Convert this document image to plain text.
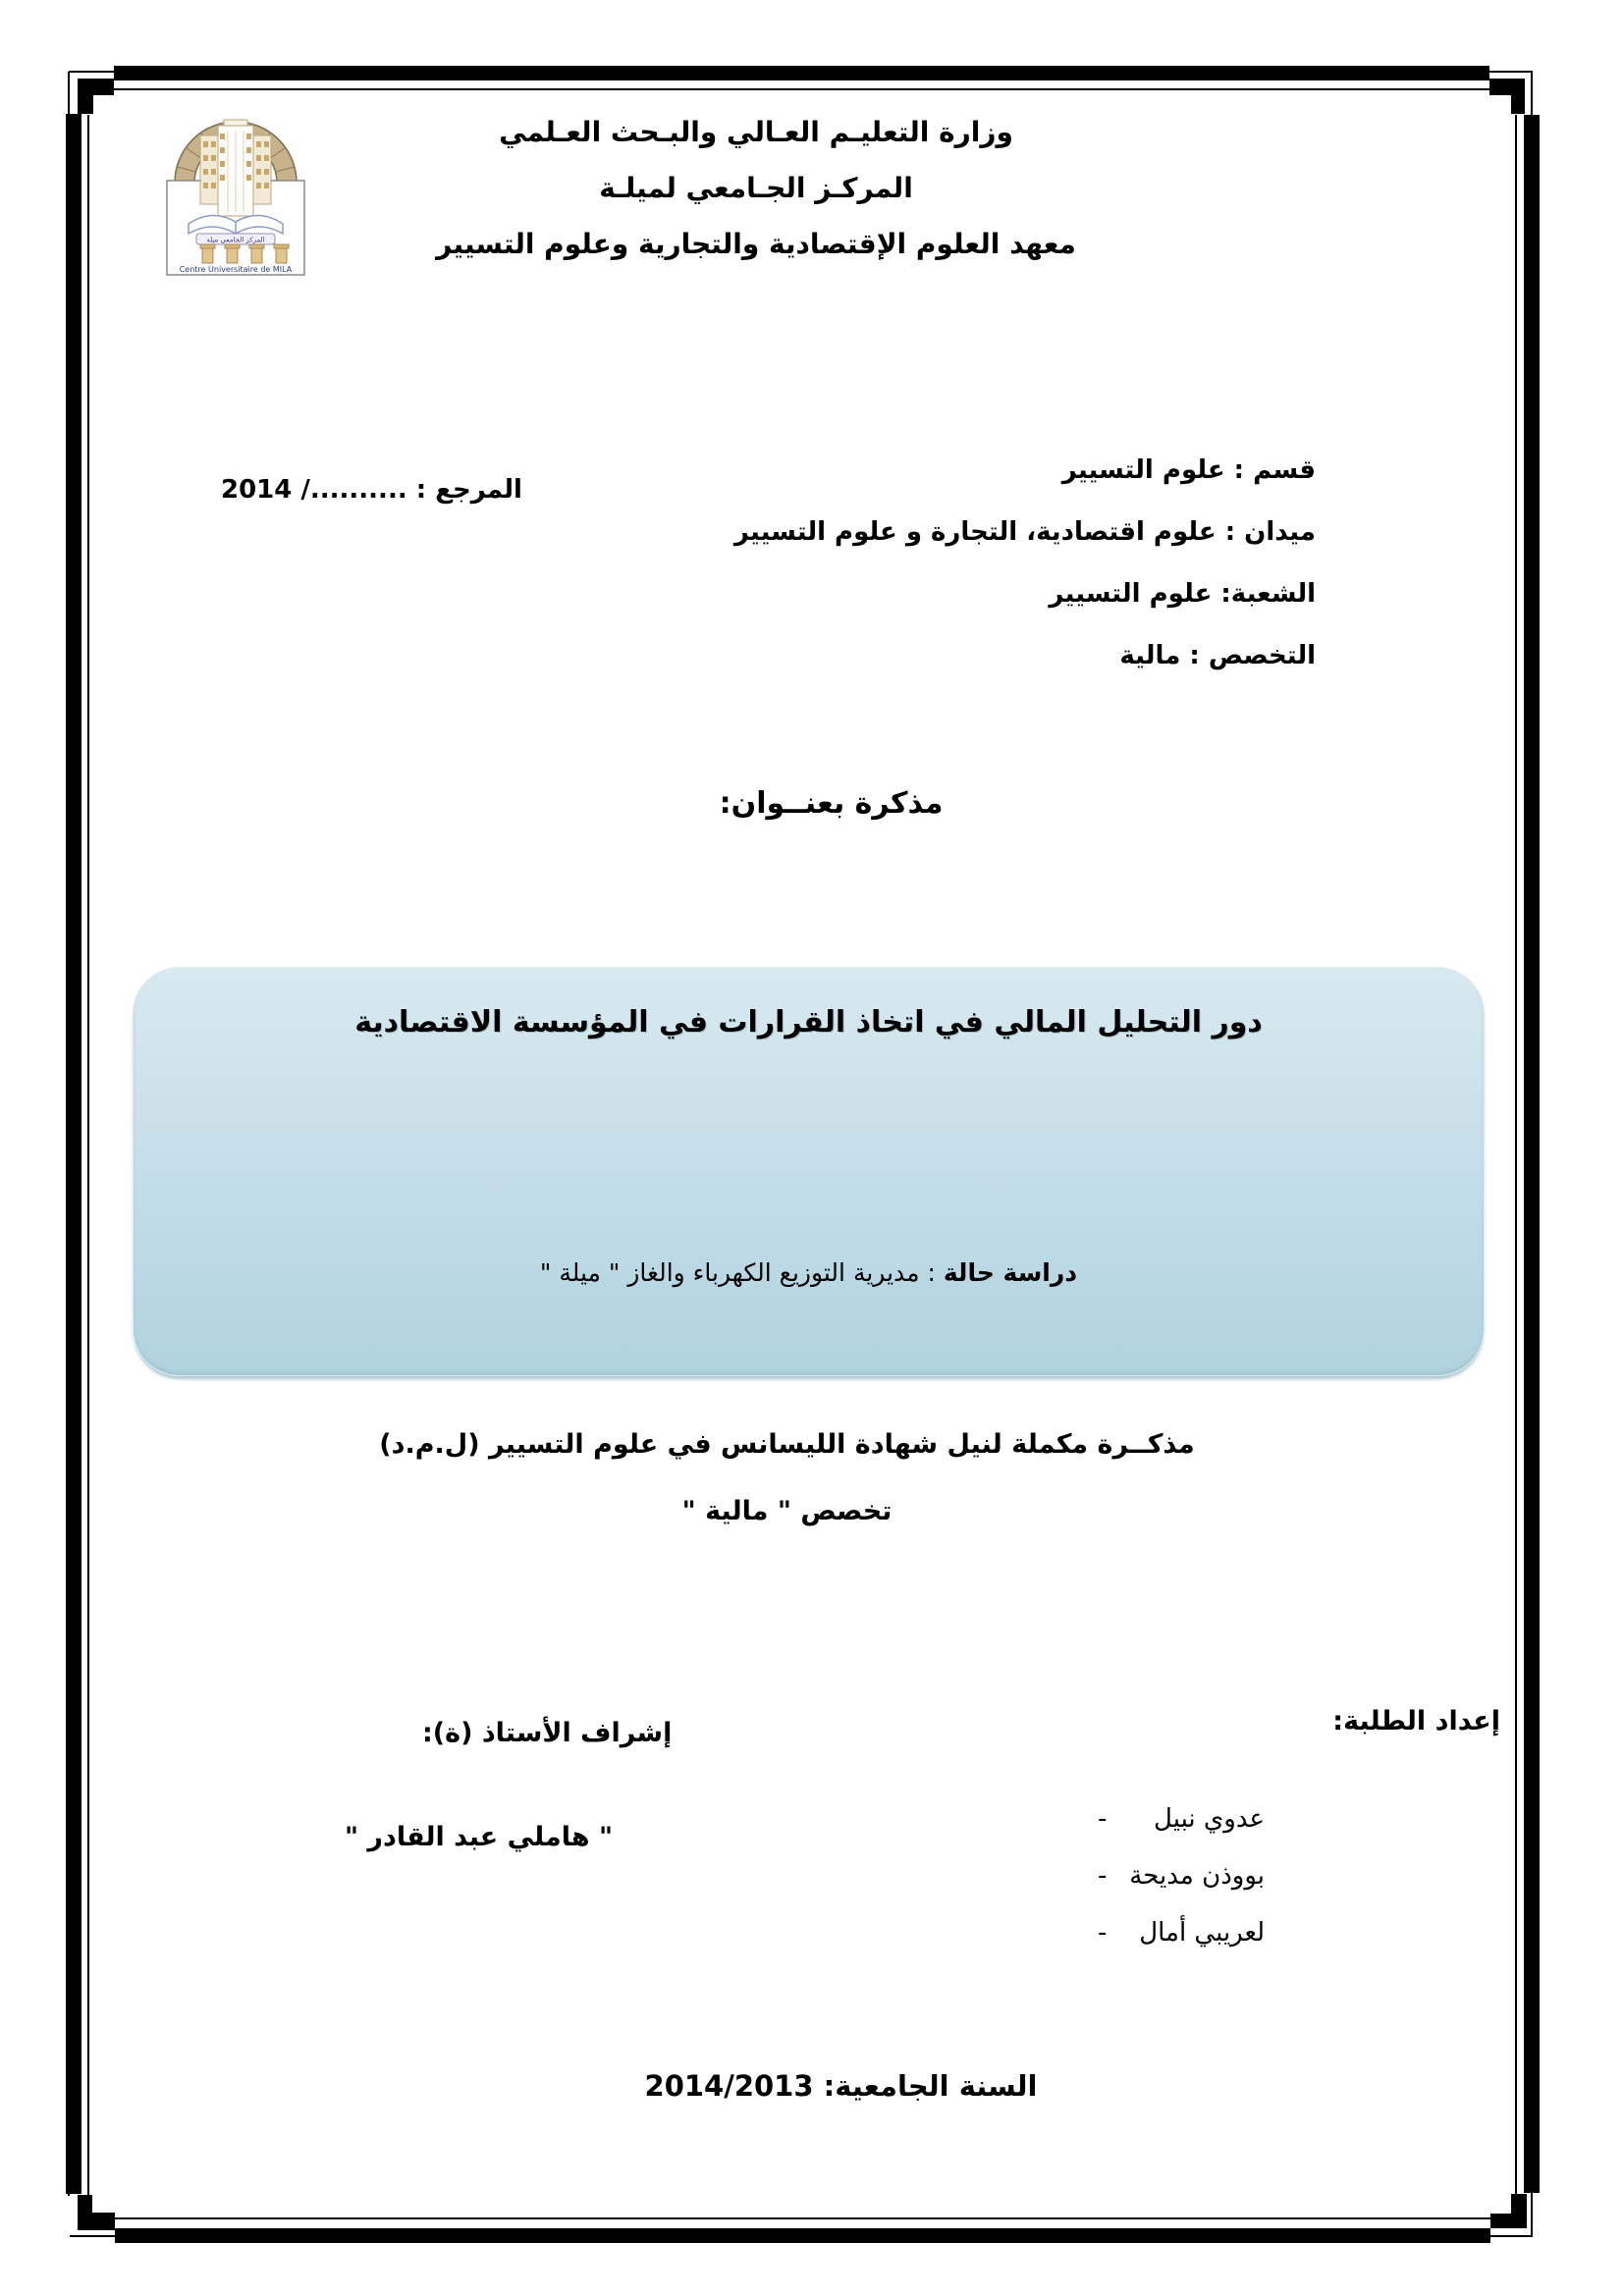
المركز الجامعي ميلة
Centre Universitaire de MILA
وزارة التعليـم العـالي والبـحث العـلمي
المركـز الجـامعي لميلـة
معهد العلوم الإقتصادية والتجارية وعلوم التسيير
قسم : علوم التسيير
ميدان : علوم اقتصادية، التجارة و علوم التسيير
الشعبة: علوم التسيير
التخصص : مالية
المرجع : ........../ 2014
مذكرة بعنــوان:
دور التحليل المالي في اتخاذ القرارات في المؤسسة الاقتصادية
دراسة حالة : مديرية التوزيع الكهرباء والغاز " ميلة "
مذكــرة مكملة لنيل شهادة الليسانس في علوم التسيير (ل.م.د)
تخصص " مالية "
إعداد الطلبة:
إشراف الأستاذ (ة):
-	عدوي نبيل
- بووذن مديحة
-	لعريبي أمال
" هاملي عبد القادر "
السنة الجامعية: 2014/2013
